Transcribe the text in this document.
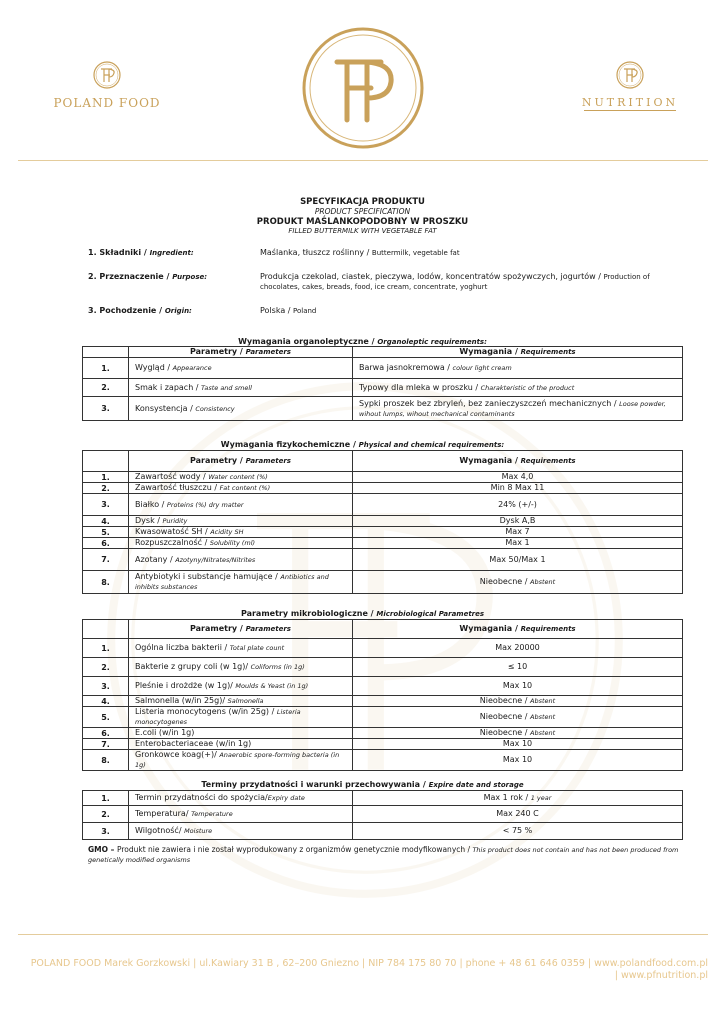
POLAND FOOD	NUTRITION
SPECYFIKACJA PRODUKTU
PRODUCT SPECIFICATION
PRODUKT MAŚLANKOPODOBNY W PROSZKU
FILLED BUTTERMILK WITH VEGETABLE FAT
1. Składniki / Ingredient:	Maślanka, tłuszcz roślinny / Buttermilk, vegetable fat
2. Przeznaczenie / Purpose:	Produkcja czekolad, ciastek, pieczywa, lodów, koncentratów spożywczych, jogurtów / Production of chocolates, cakes, breads, food, ice cream, concentrate, yoghurt
3. Pochodzenie / Origin:	Polska / Poland
Wymagania organoleptyczne / Organoleptic requirements:
	Parametry / Parameters	Wymagania / Requirements
1.	Wygląd / Appearance	Barwa jasnokremowa / colour light cream
2.	Smak i zapach / Taste and smell	Typowy dla mleka w proszku / Charakteristic of the product
3.	Konsystencja / Consistency	Sypki proszek bez zbryleń, bez zanieczyszczeń mechanicznych / Loose powder, wihout lumps, wihout mechanical contaminants
Wymagania fizykochemiczne / Physical and chemical requirements:
	Parametry / Parameters	Wymagania / Requirements
1.	Zawartość wody / Water content (%)	Max 4,0
2.	Zawartość tłuszczu / Fat content (%)	Min 8 Max 11
3.	Białko / Proteins (%) dry matter	24% (+/-)
4.	Dysk / Puridity	Dysk A,B
5.	Kwasowatość SH / Acidity SH	Max 7
6.	Rozpuszczalność / Solubility (ml)	Max 1
7.	Azotany / Azotyny/Nitrates/Nitrites	Max 50/Max 1
8.	Antybiotyki i substancje hamujące / Antibiotics and inhibits substances	Nieobecne / Abstent
Parametry mikrobiologiczne / Microbiological Parametres
	Parametry / Parameters	Wymagania / Requirements
1.	Ogólna liczba bakterii / Total plate count	Max 20000
2.	Bakterie z grupy coli (w 1g)/ Coliforms (in 1g)	≤ 10
3.	Pleśnie i drożdże (w 1g)/ Moulds & Yeast (in 1g)	Max 10
4.	Salmonella (w/in 25g)/ Salmonella	Nieobecne / Abstent
5.	Listeria monocytogens (w/in 25g) / Listeria monocytogenes	Nieobecne / Abstent
6.	E.coli (w/in 1g)	Nieobecne / Abstent
7.	Enterobacteriaceae (w/in 1g)	Max 10
8.	Gronkowce koag(+)/ Anaerobic spore-forming bacteria (in 1g)	Max 10
Terminy przydatności i warunki przechowywania / Expire date and storage
1.	Termin przydatności do spożycia/Expiry date	Max 1 rok / 1 year
2.	Temperatura/ Temperature	Max 240 C
3.	Wilgotność/ Moisture	< 75 %
GMO – Produkt nie zawiera i nie został wyprodukowany z organizmów genetycznie modyfikowanych / This product does not contain and has not been produced from genetically modified organisms
POLAND FOOD Marek Gorzkowski | ul.Kawiary 31 B , 62–200 Gniezno | NIP 784 175 80 70 | phone + 48 61 646 0359 | www.polandfood.com.pl
| www.pfnutrition.pl
